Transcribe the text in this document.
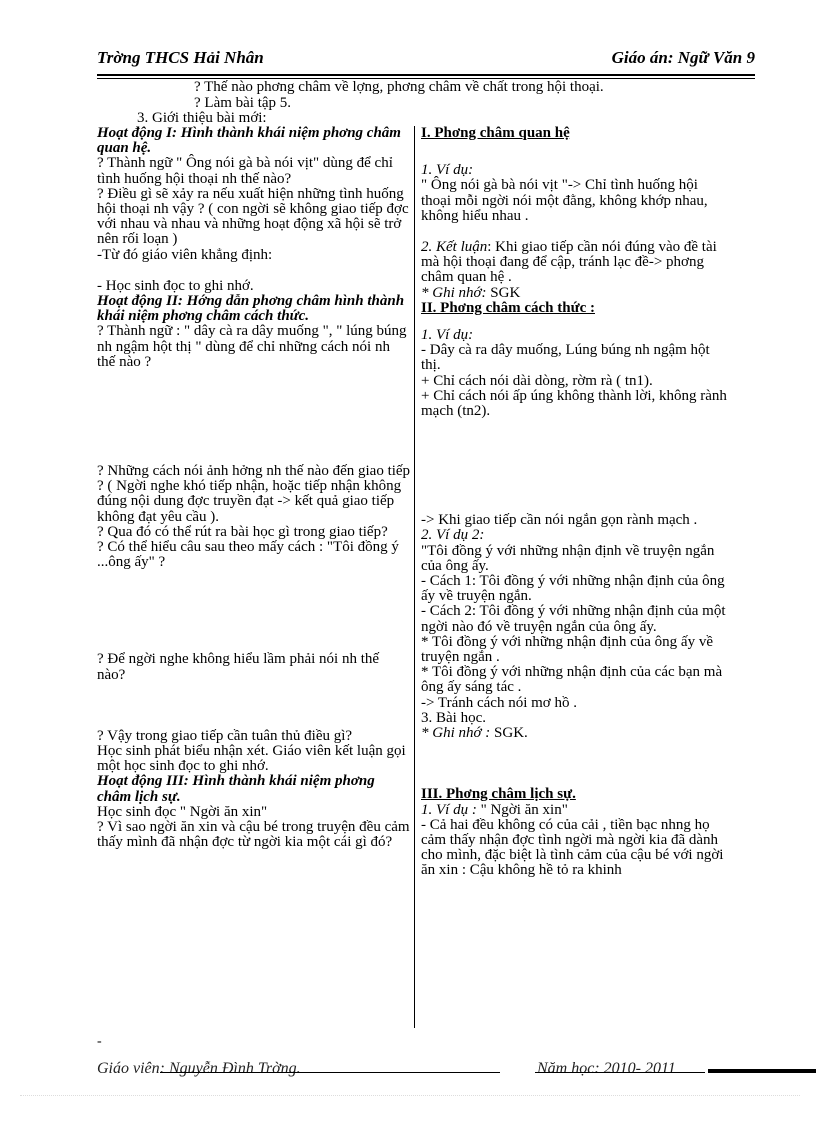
Trờng THCS Hải Nhân	Giáo án: Ngữ Văn 9
? Thế nào phơng châm về lợng, phơng châm về chất trong hội thoại.
? Làm bài tập 5.
3. Giới thiệu bài mới:

Hoạt động I: Hình thành khái niệm phơng châm quan hệ.

? Thành ngữ " Ông nói gà bà nói vịt" dùng để chỉ tình huống hội thoại nh thế nào?

? Điều gì sẽ xảy ra nếu xuất hiện những tình huống hội thoại nh vậy ? ( con ngời sẽ không giao tiếp đợc với nhau và nhau và những hoạt động xã hội sẽ trở nên rối loạn )

-Từ đó giáo viên khẳng định:

- Học sinh đọc to ghi nhớ.

Hoạt động II: Hớng dẫn phơng châm hình thành khái niệm phơng châm cách thức.

? Thành ngữ : " dây cà ra dây muống ", " lúng búng nh ngậm hột thị " dùng để chỉ những cách nói nh thế nào ?

? Những cách nói ảnh hởng nh thế nào đến giao tiếp ? ( Ngời nghe khó tiếp nhận, hoặc tiếp nhận không đúng nội dung đợc truyền đạt -> kết quả giao tiếp không đạt yêu cầu ).

? Qua đó có thể rút ra bài học gì trong giao tiếp?

? Có thể hiểu câu sau theo mấy cách : "Tôi đồng ý ...ông ấy" ?

? Để ngời nghe không hiểu lầm phải nói nh thế nào?

? Vậy trong giao tiếp cần tuân thủ điều gì?

Học sinh phát biểu nhận xét. Giáo viên kết luận gọi một học sinh đọc to ghi nhớ.

Hoạt động III: Hình thành khái niệm phơng châm lịch sự.

Học sinh đọc " Ngời ăn xin"

? Vì sao ngời ăn xin và cậu bé trong truyện đều cảm thấy mình đã nhận đợc từ ngời kia một cái gì đó?

I. Phơng châm quan hệ

1. Ví dụ:

" Ông nói gà bà nói vịt "-> Chỉ tình huống hội thoại mỗi ngời nói một đằng, không khớp nhau, không hiểu nhau .

2. Kết luận: Khi giao tiếp cần nói đúng vào đề tài mà hội thoại đang để cập, tránh lạc đề-> phơng châm quan hệ .

* Ghi nhớ: SGK

II. Phơng châm cách thức :

1. Ví dụ:

- Dây cà ra dây muống, Lúng búng nh ngậm hột thị.

+ Chỉ cách nói dài dòng, rờm rà ( tn1).

+ Chỉ cách nói ấp úng không thành lời, không rành mạch (tn2).

-> Khi giao tiếp cần nói ngắn gọn rành mạch .

2. Ví dụ 2:

"Tôi đồng ý với những nhận định về truyện ngắn của ông ấy.

- Cách 1: Tôi đồng ý với những nhận định của ông ấy về truyện ngắn.

- Cách 2: Tôi đồng ý với những nhận định của một ngời nào đó về truyện ngắn của ông ấy.

* Tôi đồng ý với những nhận định của ông ấy về truyện ngắn .

* Tôi đồng ý với những nhận định của các bạn mà ông ấy sáng tác .

-> Tránh cách nói mơ hồ .

3. Bài học.

* Ghi nhớ : SGK.

III. Phơng châm lịch sự.

1. Ví dụ : " Ngời ăn xin"

- Cả hai đều không có của cải , tiền bạc nhng họ cảm thấy nhận đợc tình ngời mà ngời kia đã dành cho mình, đặc biệt là tình cảm của cậu bé với ngời ăn xin : Cậu không hề tỏ ra khinh

-
Giáo viên: Nguyễn Đình Trờng.	Năm học: 2010- 2011
